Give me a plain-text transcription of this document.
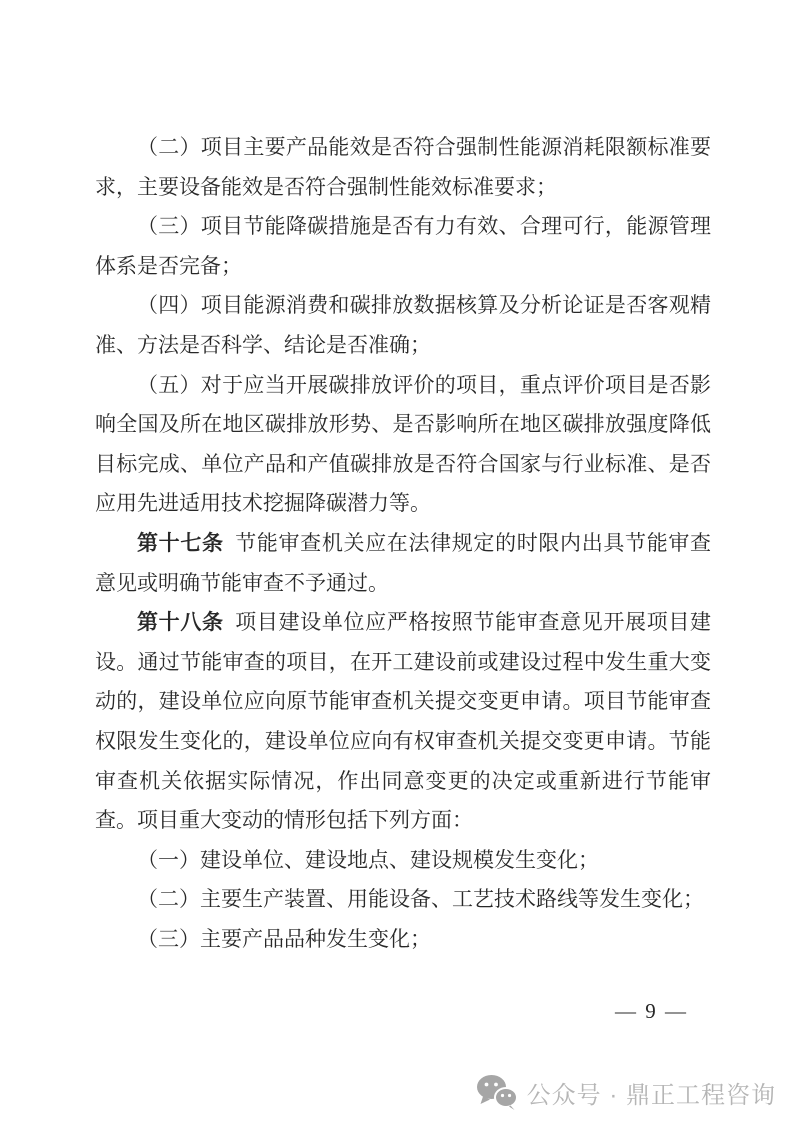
（二）项目主要产品能效是否符合强制性能源消耗限额标准要求，主要设备能效是否符合强制性能效标准要求；

（三）项目节能降碳措施是否有力有效、合理可行，能源管理体系是否完备；

（四）项目能源消费和碳排放数据核算及分析论证是否客观精准、方法是否科学、结论是否准确；

（五）对于应当开展碳排放评价的项目，重点评价项目是否影响全国及所在地区碳排放形势、是否影响所在地区碳排放强度降低目标完成、单位产品和产值碳排放是否符合国家与行业标准、是否应用先进适用技术挖掘降碳潜力等。

第十七条 节能审查机关应在法律规定的时限内出具节能审查意见或明确节能审查不予通过。

第十八条 项目建设单位应严格按照节能审查意见开展项目建设。通过节能审查的项目，在开工建设前或建设过程中发生重大变动的，建设单位应向原节能审查机关提交变更申请。项目节能审查权限发生变化的，建设单位应向有权审查机关提交变更申请。节能审查机关依据实际情况，作出同意变更的决定或重新进行节能审查。项目重大变动的情形包括下列方面：

（一）建设单位、建设地点、建设规模发生变化；

（二）主要生产装置、用能设备、工艺技术路线等发生变化；

（三）主要产品品种发生变化；

— 9 —
公众号 · 鼎正工程咨询
